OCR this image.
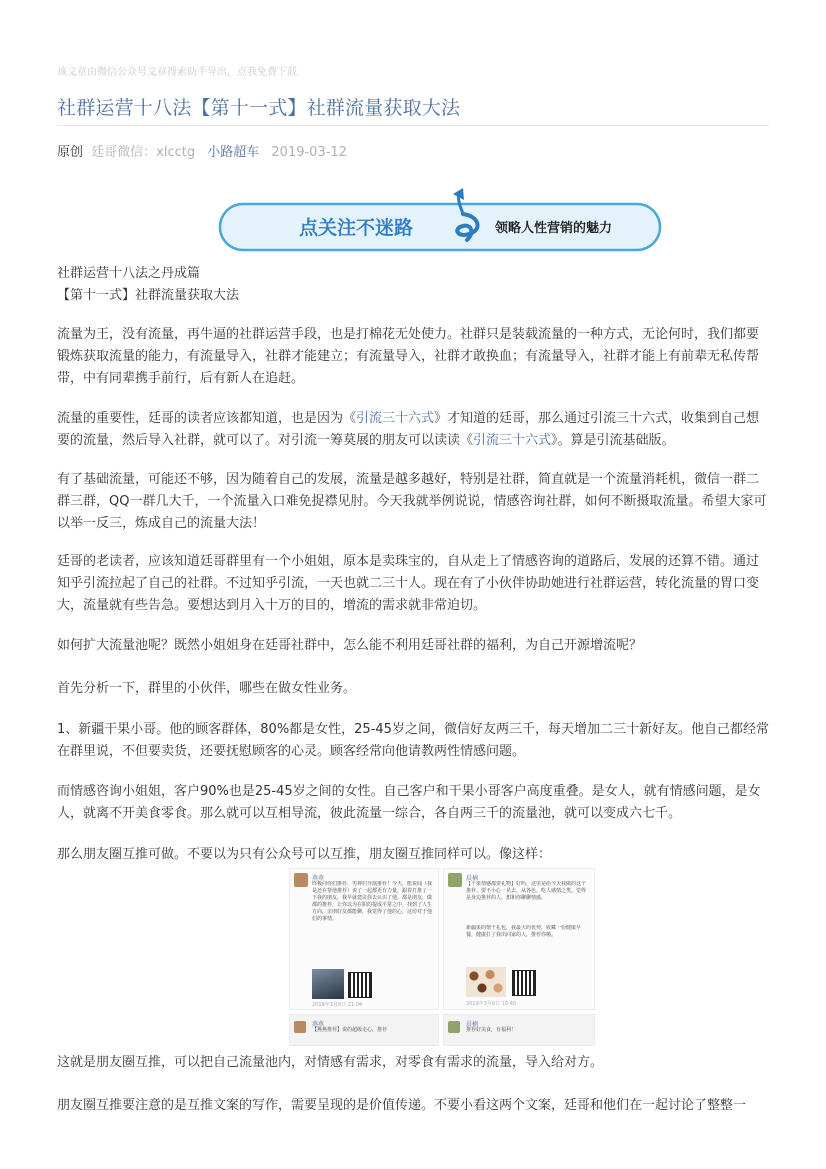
该文章由微信公众号文章搜索助手导出，点我免费下载
社群运营十八法【第十一式】社群流量获取大法
原创 廷哥微信：xlcctg 小路超车 2019-03-12
点关注不迷路	领略人性营销的魅力
社群运营十八法之丹成篇
【第十一式】社群流量获取大法
流量为王，没有流量，再牛逼的社群运营手段，也是打棉花无处使力。社群只是装载流量的一种方式，无论何时，我们都要锻炼获取流量的能力，有流量导入，社群才能建立；有流量导入，社群才敢换血；有流量导入，社群才能上有前辈无私传帮带，中有同辈携手前行，后有新人在追赶。
流量的重要性，廷哥的读者应该都知道，也是因为《引流三十六式》才知道的廷哥，那么通过引流三十六式，收集到自己想要的流量，然后导入社群，就可以了。对引流一筹莫展的朋友可以读读《引流三十六式》。算是引流基础版。
有了基础流量，可能还不够，因为随着自己的发展，流量是越多越好，特别是社群，简直就是一个流量消耗机，微信一群二群三群，QQ一群几大千，一个流量入口难免捉襟见肘。今天我就举例说说，情感咨询社群，如何不断摄取流量。希望大家可以举一反三，炼成自己的流量大法！
廷哥的老读者，应该知道廷哥群里有一个小姐姐，原本是卖珠宝的，自从走上了情感咨询的道路后，发展的还算不错。通过知乎引流拉起了自己的社群。不过知乎引流，一天也就二三十人。现在有了小伙伴协助她进行社群运营，转化流量的胃口变大，流量就有些告急。要想达到月入十万的目的，增流的需求就非常迫切。
如何扩大流量池呢？既然小姐姐身在廷哥社群中，怎么能不利用廷哥社群的福利，为自己开源增流呢？
首先分析一下，群里的小伙伴，哪些在做女性业务。
1、新疆干果小哥。他的顾客群体，80%都是女性，25-45岁之间，微信好友两三千，每天增加二三十新好友。他自己都经常在群里说，不但要卖货，还要抚慰顾客的心灵。顾客经常向他请教两性情感问题。
而情感咨询小姐姐，客户90%也是25-45岁之间的女性。自己客户和干果小哥客户高度重叠。是女人，就有情感问题，是女人，就离不开美食零食。那么就可以互相导流，彼此流量一综合，各自两三千的流量池，就可以变成六七千。
那么朋友圈互推可做。不要以为只有公众号可以互推，朋友圈互推同样可以。像这样：
燕燕
终极向你们推荐，男神们导演推荐！今天，能说闻（我是还在帮他推荐）说了一起都更有力量，跟着打推了一下我的朋友，我早就建议你去认识了他。都是朋友，做都的推荐，让你以为在职的提成平常之中，找到了人生方向，亲朋好友都能聊，我觉得了他的心，这份对于他们的事情。
2019年3月9日 21:04
晨楠
【干果情感都要礼物】好吗，这里是给今天我做的这个推荐。要不小心一晃去，从各色，吃人感情之类。觉得是身边推荐的人，想和你聊聊情感。
新疆果的情干礼包，我最大的优势，收藏一份健康早餐，健康打了我出回家的人，推荐你哦。
2019年3月9日 16:40
燕燕
【燕燕推荐】说的超级走心，推荐
晨楠
推荐好美食，有福利！
这就是朋友圈互推，可以把自己流量池内，对情感有需求，对零食有需求的流量，导入给对方。
朋友圈互推要注意的是互推文案的写作，需要呈现的是价值传递。不要小看这两个文案，廷哥和他们在一起讨论了整整一
